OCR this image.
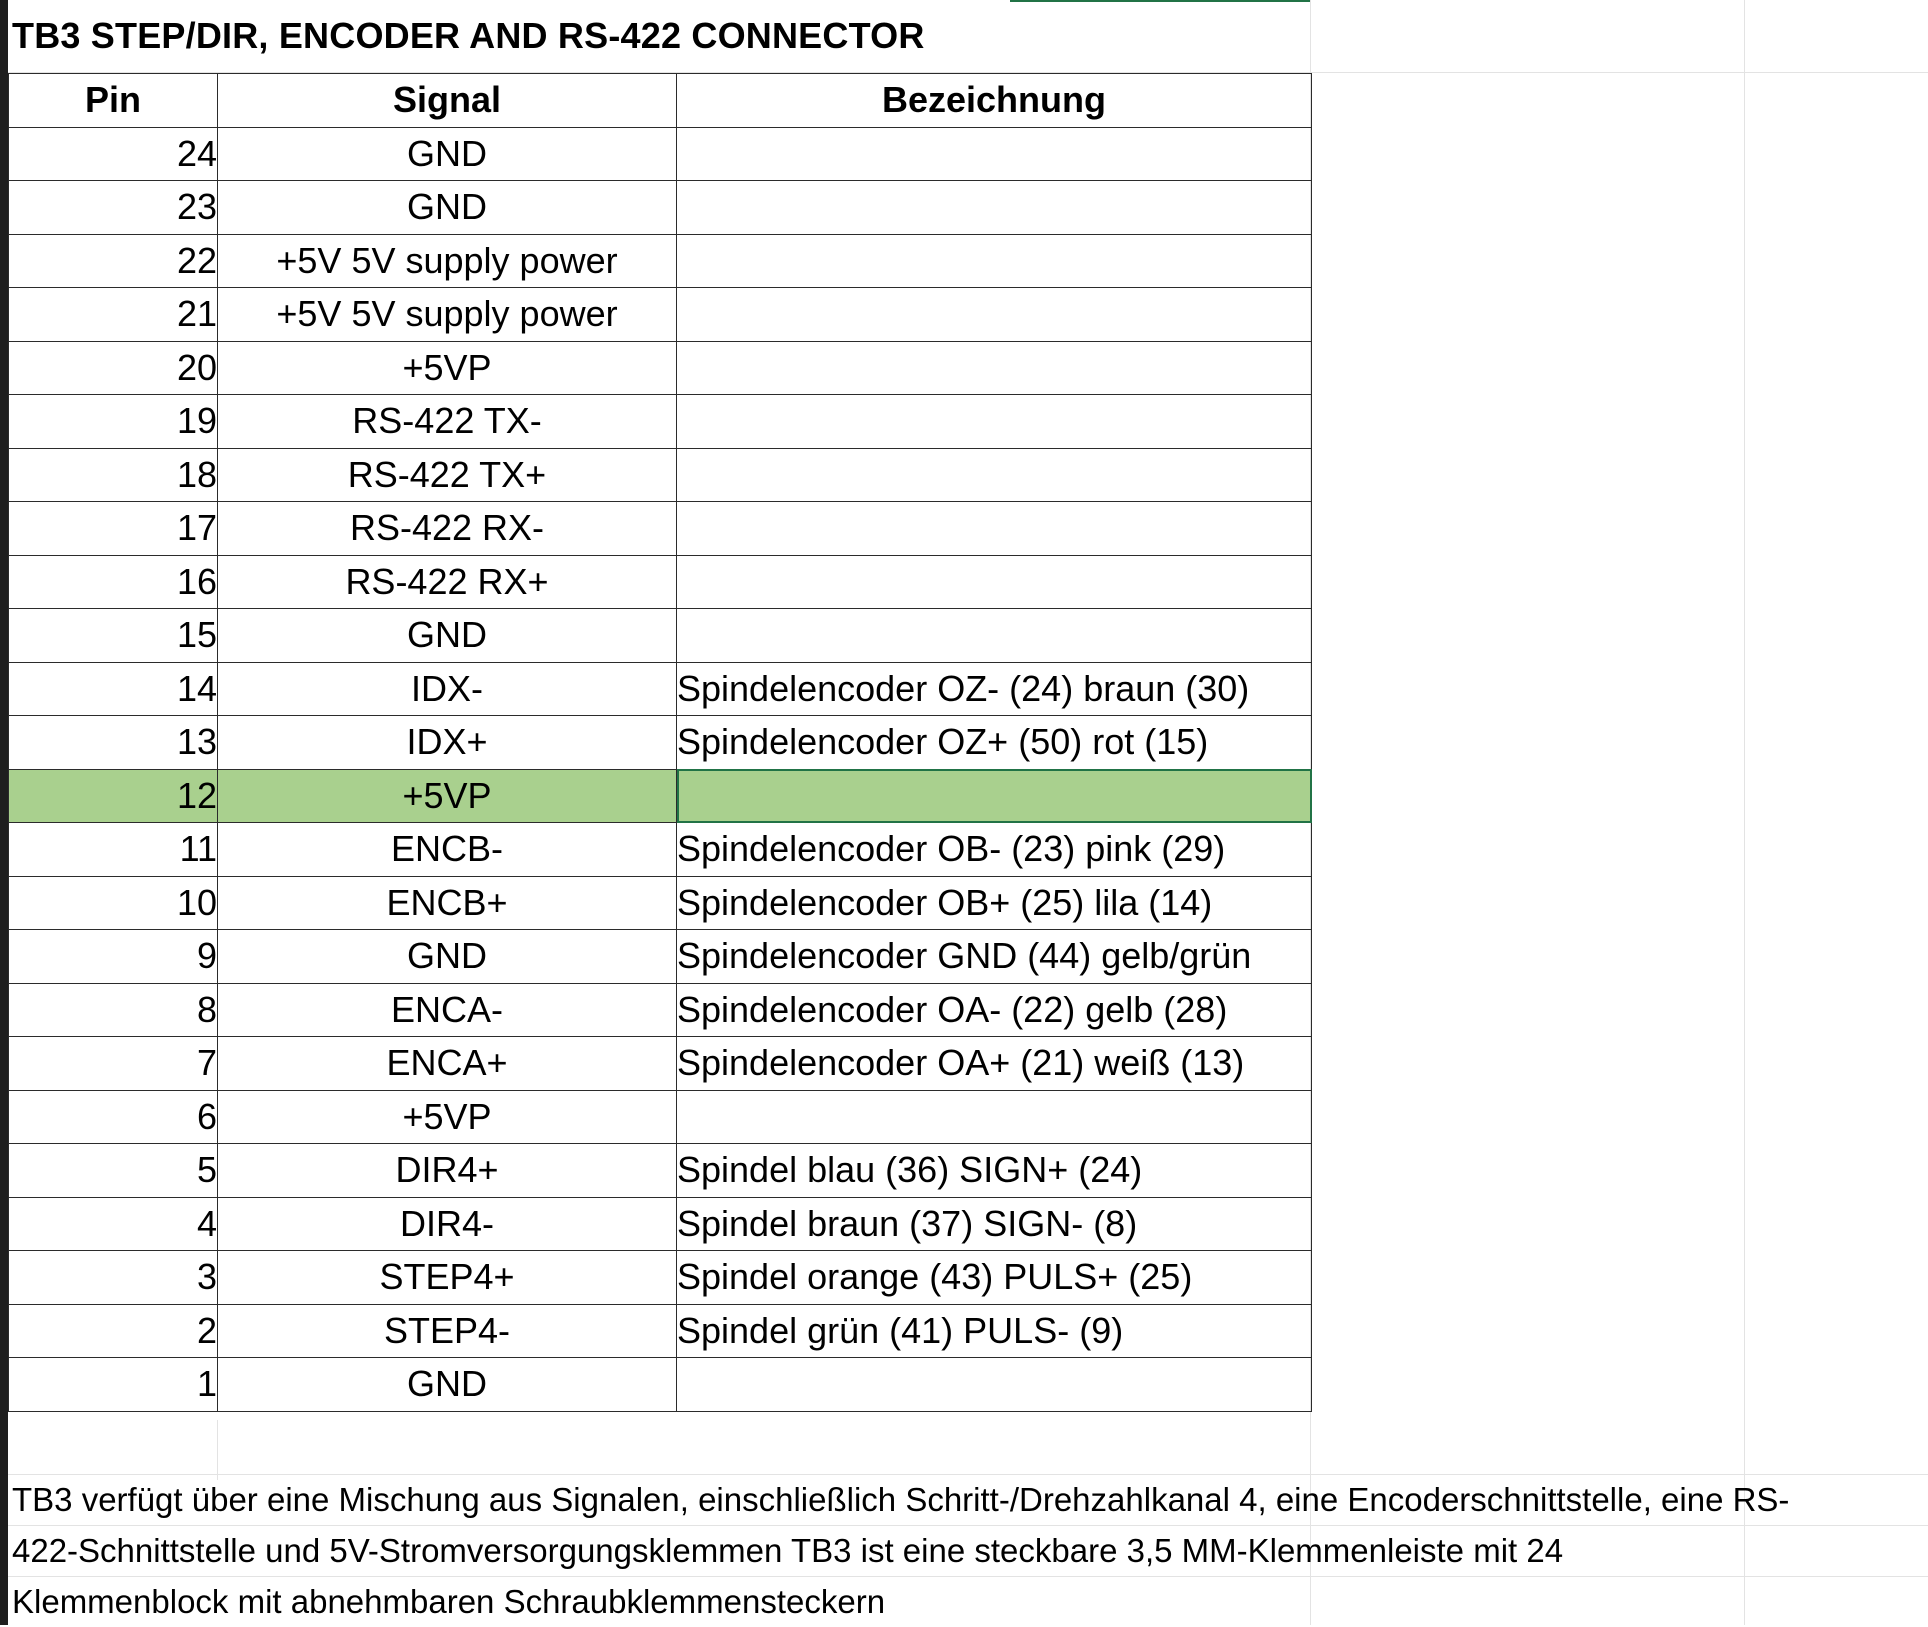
TB3 STEP/DIR, ENCODER AND RS-422 CONNECTOR
Pin	Signal	Bezeichnung
24	GND	
23	GND	
22	+5V 5V supply power	
21	+5V 5V supply power	
20	+5VP	
19	RS-422 TX-	
18	RS-422 TX+	
17	RS-422 RX-	
16	RS-422 RX+	
15	GND	
14	IDX-	Spindelencoder OZ- (24) braun (30)
13	IDX+	Spindelencoder OZ+ (50) rot (15)
12	+5VP	
11	ENCB-	Spindelencoder OB- (23) pink (29)
10	ENCB+	Spindelencoder OB+ (25) lila (14)
9	GND	Spindelencoder GND (44) gelb/grün
8	ENCA-	Spindelencoder OA- (22) gelb (28)
7	ENCA+	Spindelencoder OA+ (21) weiß (13)
6	+5VP	
5	DIR4+	Spindel blau (36) SIGN+ (24)
4	DIR4-	Spindel braun (37) SIGN- (8)
3	STEP4+	Spindel orange (43) PULS+ (25)
2	STEP4-	Spindel grün (41) PULS- (9)
1	GND	
TB3 verfügt über eine Mischung aus Signalen, einschließlich Schritt-/Drehzahlkanal 4, eine Encoderschnittstelle, eine RS-
422-Schnittstelle und 5V-Stromversorgungsklemmen TB3 ist eine steckbare 3,5 MM-Klemmenleiste mit 24
Klemmenblock mit abnehmbaren Schraubklemmensteckern
